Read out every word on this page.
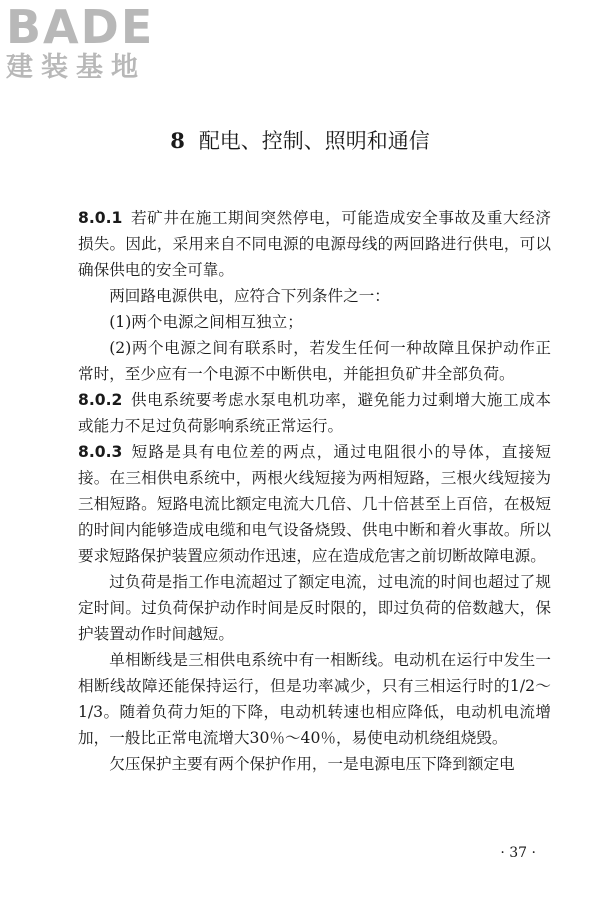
BADE
建装基地
8 配电、控制、照明和通信

8.0.1 若矿井在施工期间突然停电，可能造成安全事故及重大经济损失。因此，采用来自不同电源的电源母线的两回路进行供电，可以确保供电的安全可靠。

两回路电源供电，应符合下列条件之一：

(1)两个电源之间相互独立；

(2)两个电源之间有联系时，若发生任何一种故障且保护动作正常时，至少应有一个电源不中断供电，并能担负矿井全部负荷。

8.0.2 供电系统要考虑水泵电机功率，避免能力过剩增大施工成本或能力不足过负荷影响系统正常运行。

8.0.3 短路是具有电位差的两点，通过电阻很小的导体，直接短接。在三相供电系统中，两根火线短接为两相短路，三根火线短接为三相短路。短路电流比额定电流大几倍、几十倍甚至上百倍，在极短的时间内能够造成电缆和电气设备烧毁、供电中断和着火事故。所以要求短路保护装置应须动作迅速，应在造成危害之前切断故障电源。

过负荷是指工作电流超过了额定电流，过电流的时间也超过了规定时间。过负荷保护动作时间是反时限的，即过负荷的倍数越大，保护装置动作时间越短。

单相断线是三相供电系统中有一相断线。电动机在运行中发生一相断线故障还能保持运行，但是功率减少，只有三相运行时的1/2～1/3。随着负荷力矩的下降，电动机转速也相应降低，电动机电流增加，一般比正常电流增大30％～40％，易使电动机绕组烧毁。

欠压保护主要有两个保护作用，一是电源电压下降到额定电

· 37 ·
